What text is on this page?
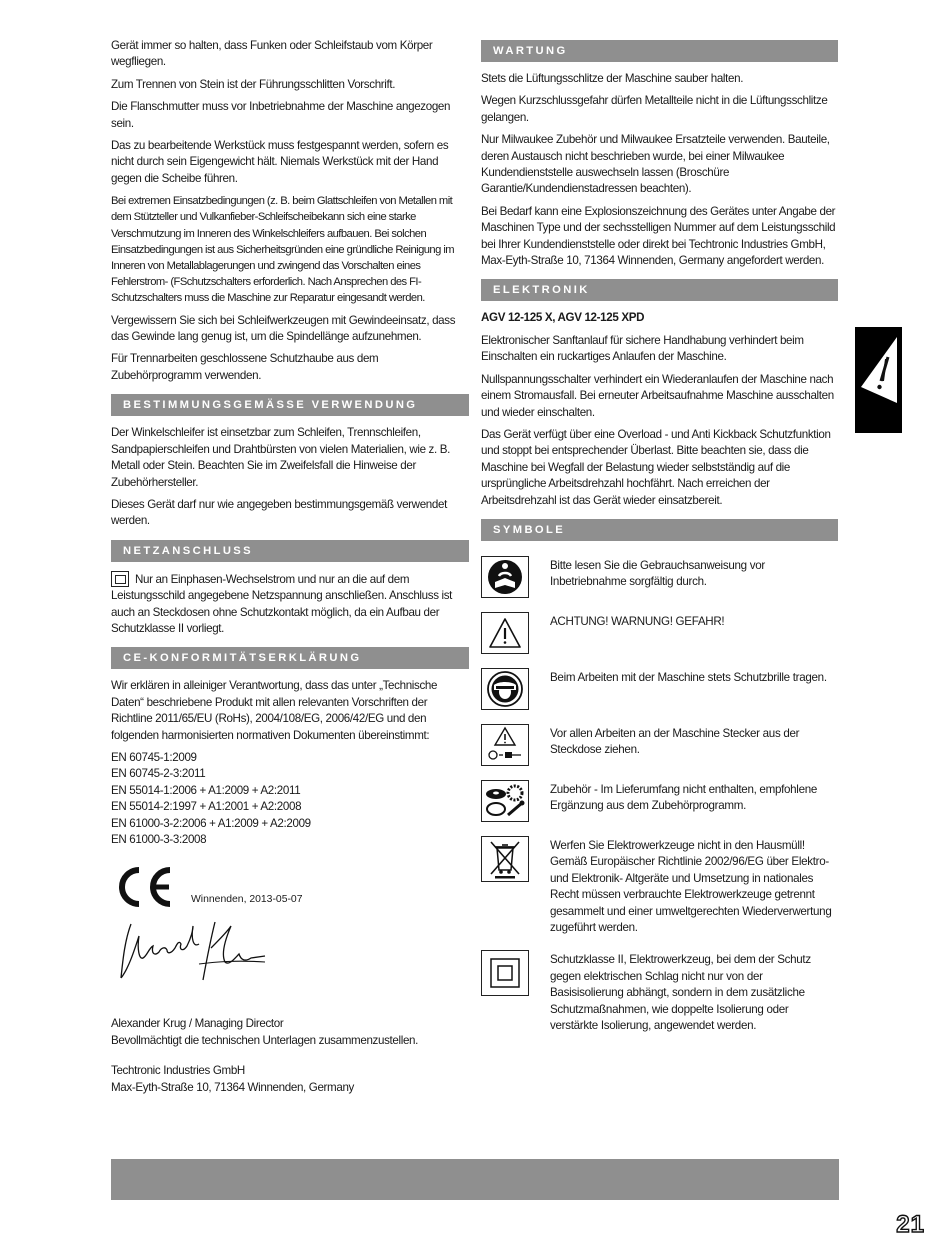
Gerät immer so halten, dass Funken oder Schleifstaub vom Körper wegfliegen.

Zum Trennen von Stein ist der Führungsschlitten Vorschrift.

Die Flanschmutter muss vor Inbetriebnahme der Maschine angezogen sein.

Das zu bearbeitende Werkstück muss festgespannt werden, sofern es nicht durch sein Eigengewicht hält. Niemals Werkstück mit der Hand gegen die Scheibe führen.

Bei extremen Einsatzbedingungen (z. B. beim Glattschleifen von Metallen mit dem Stützteller und Vulkanfieber-Schleifscheibekann sich eine starke Verschmutzung im Inneren des Winkelschleifers aufbauen. Bei solchen Einsatzbedingungen ist aus Sicherheitsgründen eine gründliche Reinigung im Inneren von Metallablagerungen und zwingend das Vorschalten eines Fehlerstrom- (FSchutzschalters erforderlich. Nach Ansprechen des FI-Schutzschalters muss die Maschine zur Reparatur eingesandt werden.

Vergewissern Sie sich bei Schleifwerkzeugen mit Gewindeeinsatz, dass das Gewinde lang genug ist, um die Spindellänge aufzunehmen.

Für Trennarbeiten geschlossene Schutzhaube aus dem Zubehörprogramm verwenden.

BESTIMMUNGSGEMÄSSE VERWENDUNG

Der Winkelschleifer ist einsetzbar zum Schleifen, Trennschleifen, Sandpapierschleifen und Drahtbürsten von vielen Materialien, wie z. B. Metall oder Stein. Beachten Sie im Zweifelsfall die Hinweise der Zubehörhersteller.

Dieses Gerät darf nur wie angegeben bestimmungsgemäß verwendet werden.

NETZANSCHLUSS

Nur an Einphasen-Wechselstrom und nur an die auf dem Leistungsschild angegebene Netzspannung anschließen. Anschluss ist auch an Steckdosen ohne Schutzkontakt möglich, da ein Aufbau der Schutzklasse II vorliegt.

CE-KONFORMITÄTSERKLÄRUNG

Wir erklären in alleiniger Verantwortung, dass das unter „Technische Daten“ beschriebene Produkt mit allen relevanten Vorschriften der Richtline 2011/65/EU (RoHs), 2004/108/EG, 2006/42/EG und den folgenden harmonisierten normativen Dokumenten übereinstimmt:

EN 60745-1:2009

EN 60745-2-3:2011

EN 55014-1:2006 + A1:2009 + A2:2011

EN 55014-2:1997 + A1:2001 + A2:2008

EN 61000-3-2:2006 + A1:2009 + A2:2009

EN 61000-3-3:2008

Winnenden, 2013-05-07

Alexander Krug / Managing Director

Bevollmächtigt die technischen Unterlagen zusammenzustellen.

Techtronic Industries GmbH

Max-Eyth-Straße 10, 71364 Winnenden, Germany

WARTUNG

Stets die Lüftungsschlitze der Maschine sauber halten.

Wegen Kurzschlussgefahr dürfen Metallteile nicht in die Lüftungsschlitze gelangen.

Nur Milwaukee Zubehör und Milwaukee Ersatzteile verwenden. Bauteile, deren Austausch nicht beschrieben wurde, bei einer Milwaukee Kundendienststelle auswechseln lassen (Broschüre Garantie/Kundendienstadressen beachten).

Bei Bedarf kann eine Explosionszeichnung des Gerätes unter Angabe der Maschinen Type und der sechsstelligen Nummer auf dem Leistungsschild bei Ihrer Kundendienststelle oder direkt bei Techtronic Industries GmbH, Max-Eyth-Straße 10, 71364 Winnenden, Germany angefordert werden.

ELEKTRONIK

AGV 12-125 X, AGV 12-125 XPD

Elektronischer Sanftanlauf für sichere Handhabung verhindert beim Einschalten ein ruckartiges Anlaufen der Maschine.

Nullspannungsschalter verhindert ein Wiederanlaufen der Maschine nach einem Stromausfall. Bei erneuter Arbeitsaufnahme Maschine ausschalten und wieder einschalten.

Das Gerät verfügt über eine Overload - und Anti Kickback Schutzfunktion und stoppt bei entsprechender Überlast. Bitte beachten sie, dass die Maschine bei Wegfall der Belastung wieder selbstständig auf die ursprüngliche Arbeitsdrehzahl hochfährt. Nach erreichen der Arbeitsdrehzahl ist das Gerät wieder einsatzbereit.

SYMBOLE
Bitte lesen Sie die Gebrauchsanweisung vor Inbetriebnahme sorgfältig durch.
ACHTUNG! WARNUNG! GEFAHR!
Beim Arbeiten mit der Maschine stets Schutzbrille tragen.
Vor allen Arbeiten an der Maschine Stecker aus der Steckdose ziehen.
Zubehör - Im Lieferumfang nicht enthalten, empfohlene Ergänzung aus dem Zubehörprogramm.
Werfen Sie Elektrowerkzeuge nicht in den Hausmüll! Gemäß Europäischer Richtlinie 2002/96/EG über Elektro- und Elektronik- Altgeräte und Umsetzung in nationales Recht müssen verbrauchte Elektrowerkzeuge getrennt gesammelt und einer umweltgerechten Wiederverwertung zugeführt werden.
Schutzklasse II, Elektrowerkzeug, bei dem der Schutz gegen elektrischen Schlag nicht nur von der Basisisolierung abhängt, sondern in dem zusätzliche Schutzmaßnahmen, wie doppelte Isolierung oder verstärkte Isolierung, angewendet werden.
21
